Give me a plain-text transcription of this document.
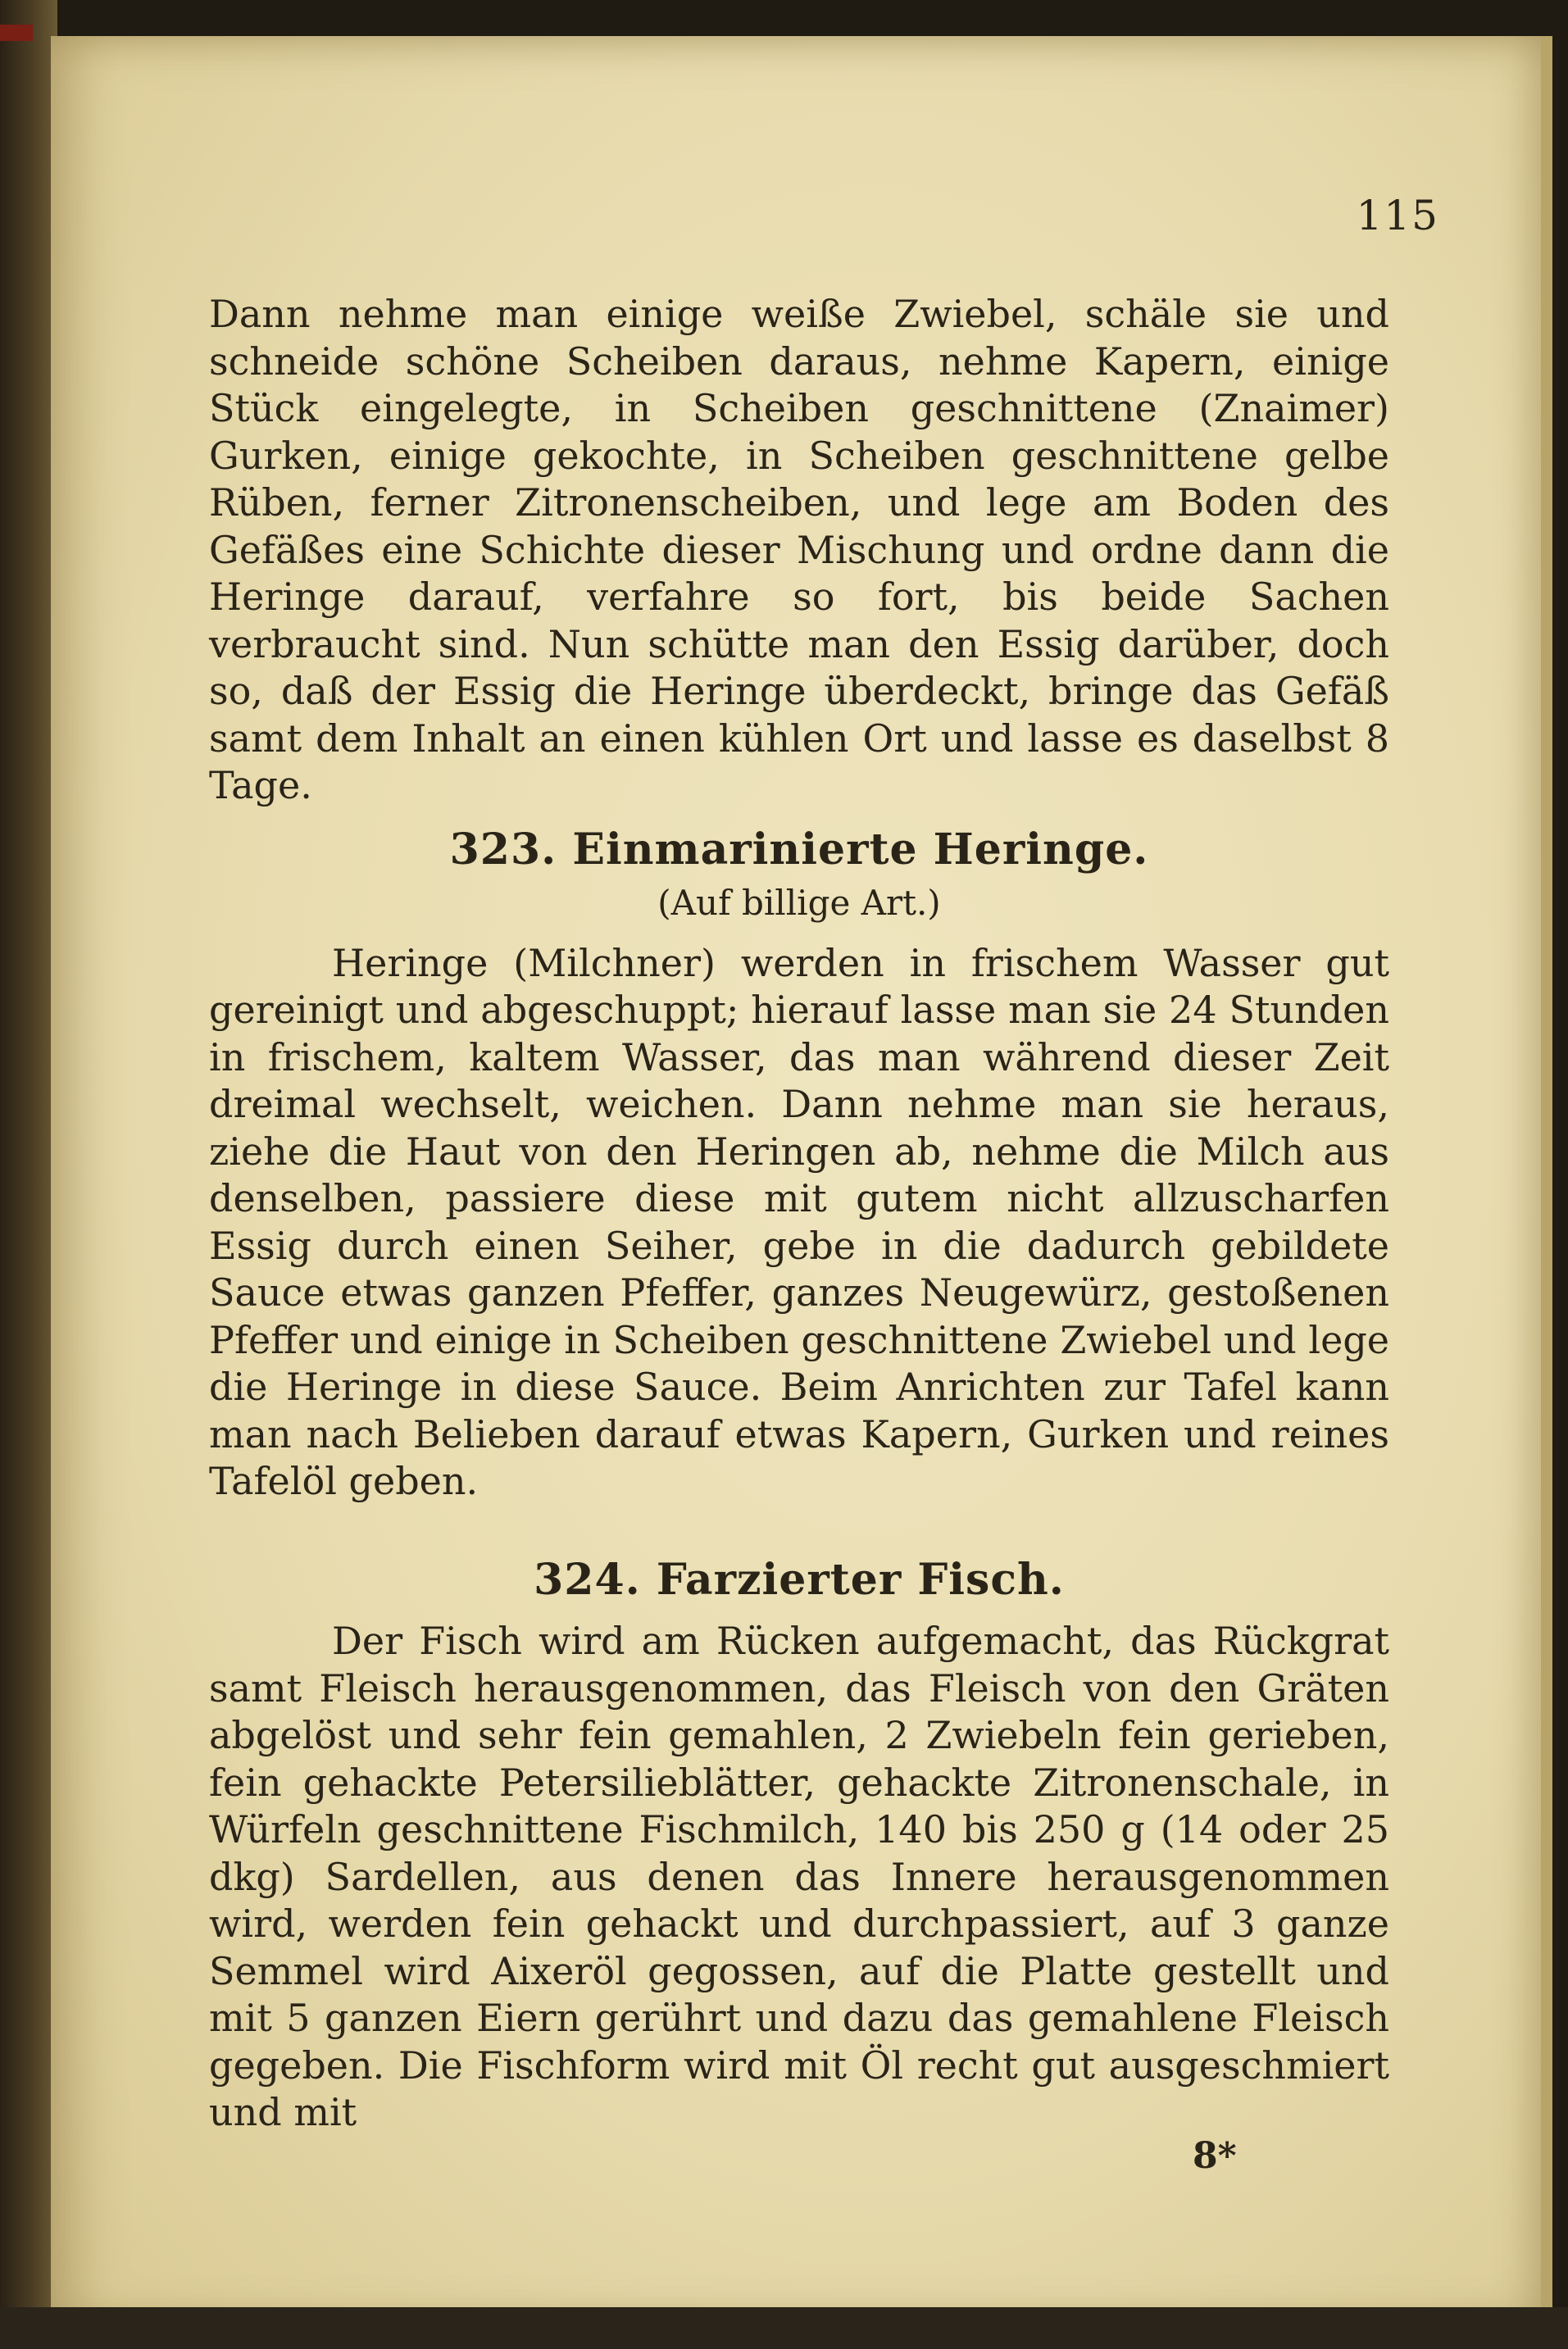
115

Dann nehme man einige weiße Zwiebel, schäle sie und schneide schöne Scheiben daraus, nehme Kapern, einige Stück eingelegte, in Scheiben geschnittene (Znaimer) Gurken, einige gekochte, in Scheiben geschnittene gelbe Rüben, ferner Zitronenscheiben, und lege am Boden des Gefäßes eine Schichte dieser Mischung und ordne dann die Heringe darauf, verfahre so fort, bis beide Sachen verbraucht sind. Nun schütte man den Essig darüber, doch so, daß der Essig die Heringe überdeckt, bringe das Gefäß samt dem Inhalt an einen kühlen Ort und lasse es daselbst 8 Tage.

323. Einmarinierte Heringe.
(Auf billige Art.)

Heringe (Milchner) werden in frischem Wasser gut gereinigt und abgeschuppt; hierauf lasse man sie 24 Stunden in frischem, kaltem Wasser, das man während dieser Zeit dreimal wechselt, weichen. Dann nehme man sie heraus, ziehe die Haut von den Heringen ab, nehme die Milch aus denselben, passiere diese mit gutem nicht allzuscharfen Essig durch einen Seiher, gebe in die dadurch gebildete Sauce etwas ganzen Pfeffer, ganzes Neugewürz, gestoßenen Pfeffer und einige in Scheiben geschnittene Zwiebel und lege die Heringe in diese Sauce. Beim Anrichten zur Tafel kann man nach Belieben darauf etwas Kapern, Gurken und reines Tafelöl geben.

324. Farzierter Fisch.

Der Fisch wird am Rücken aufgemacht, das Rückgrat samt Fleisch herausgenommen, das Fleisch von den Gräten abgelöst und sehr fein gemahlen, 2 Zwiebeln fein gerieben, fein gehackte Petersilieblätter, gehackte Zitronenschale, in Würfeln geschnittene Fischmilch, 140 bis 250 g (14 oder 25 dkg) Sardellen, aus denen das Innere herausgenommen wird, werden fein gehackt und durchpassiert, auf 3 ganze Semmel wird Aixeröl gegossen, auf die Platte gestellt und mit 5 ganzen Eiern gerührt und dazu das gemahlene Fleisch gegeben. Die Fischform wird mit Öl recht gut ausgeschmiert und mit

8*
